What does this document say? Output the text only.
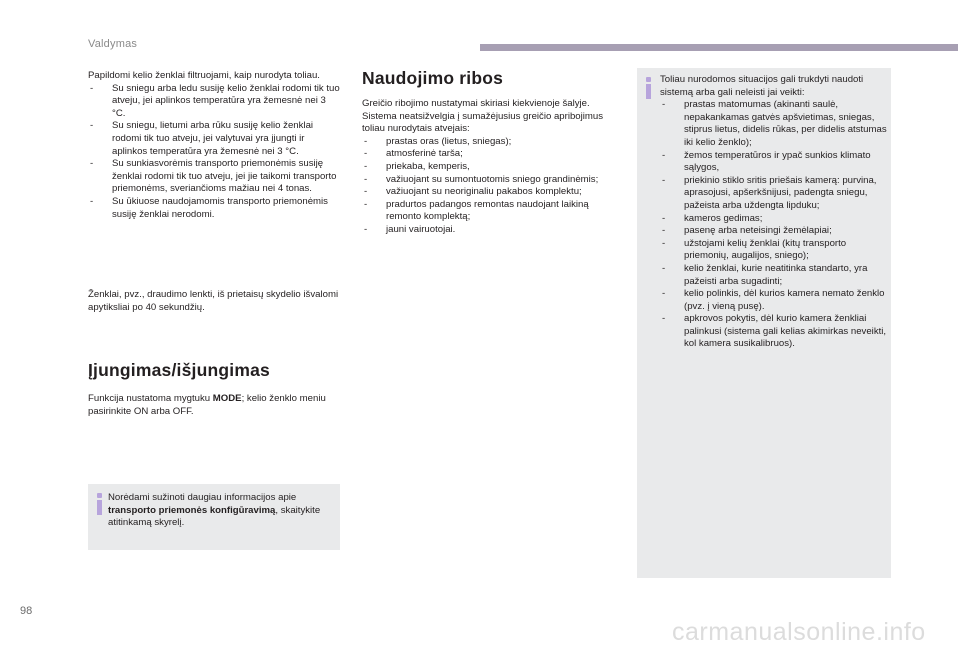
Valdymas

Papildomi kelio ženklai filtruojami, kaip nurodyta toliau.

- Su sniegu arba ledu susiję kelio ženklai rodomi tik tuo atveju, jei aplinkos temperatūra yra žemesnė nei 3 °C.
- Su sniegu, lietumi arba rūku susiję kelio ženklai rodomi tik tuo atveju, jei valytuvai yra įjungti ir aplinkos temperatūra yra žemesnė nei 3 °C.
- Su sunkiasvorėmis transporto priemonėmis susiję ženklai rodomi tik tuo atveju, jei jie taikomi transporto priemonėms, sveriančioms mažiau nei 4 tonas.
- Su ūkiuose naudojamomis transporto priemonėmis susiję ženklai nerodomi.

Ženklai, pvz., draudimo lenkti, iš prietaisų skydelio išvalomi apytiksliai po 40 sekundžių.

Įjungimas/išjungimas

Funkcija nustatoma mygtuku MODE; kelio ženklo meniu pasirinkite ON arba OFF.

Norėdami sužinoti daugiau informacijos apie transporto priemonės konfigūravimą, skaitykite atitinkamą skyrelį.
Naudojimo ribos

Greičio ribojimo nustatymai skiriasi kiekvienoje šalyje.

Sistema neatsižvelgia į sumažėjusius greičio apribojimus toliau nurodytais atvejais:

- prastas oras (lietus, sniegas);
- atmosferinė tarša;
- priekaba, kemperis,
- važiuojant su sumontuotomis sniego grandinėmis;
- važiuojant su neoriginaliu pakabos komplektu;
- pradurtos padangos remontas naudojant laikiną remonto komplektą;
- jauni vairuotojai.

Toliau nurodomos situacijos gali trukdyti naudoti sistemą arba gali neleisti jai veikti:

- prastas matomumas (akinanti saulė, nepakankamas gatvės apšvietimas, sniegas, stiprus lietus, didelis rūkas, per didelis atstumas iki kelio ženklo);
- žemos temperatūros ir ypač sunkios klimato sąlygos,
- priekinio stiklo sritis priešais kamerą: purvina, aprasojusi, apšerkšnijusi, padengta sniegu, pažeista arba uždengta lipduku;
- kameros gedimas;
- pasenę arba neteisingi žemėlapiai;
- užstojami kelių ženklai (kitų transporto priemonių, augalijos, sniego);
- kelio ženklai, kurie neatitinka standarto, yra pažeisti arba sugadinti;
- kelio polinkis, dėl kurios kamera nemato ženklo (pvz. į vieną pusę).
- apkrovos pokytis, dėl kurio kamera ženkliai palinkusi (sistema gali kelias akimirkas neveikti, kol kamera susikalibruos).
98
carmanualsonline.info
